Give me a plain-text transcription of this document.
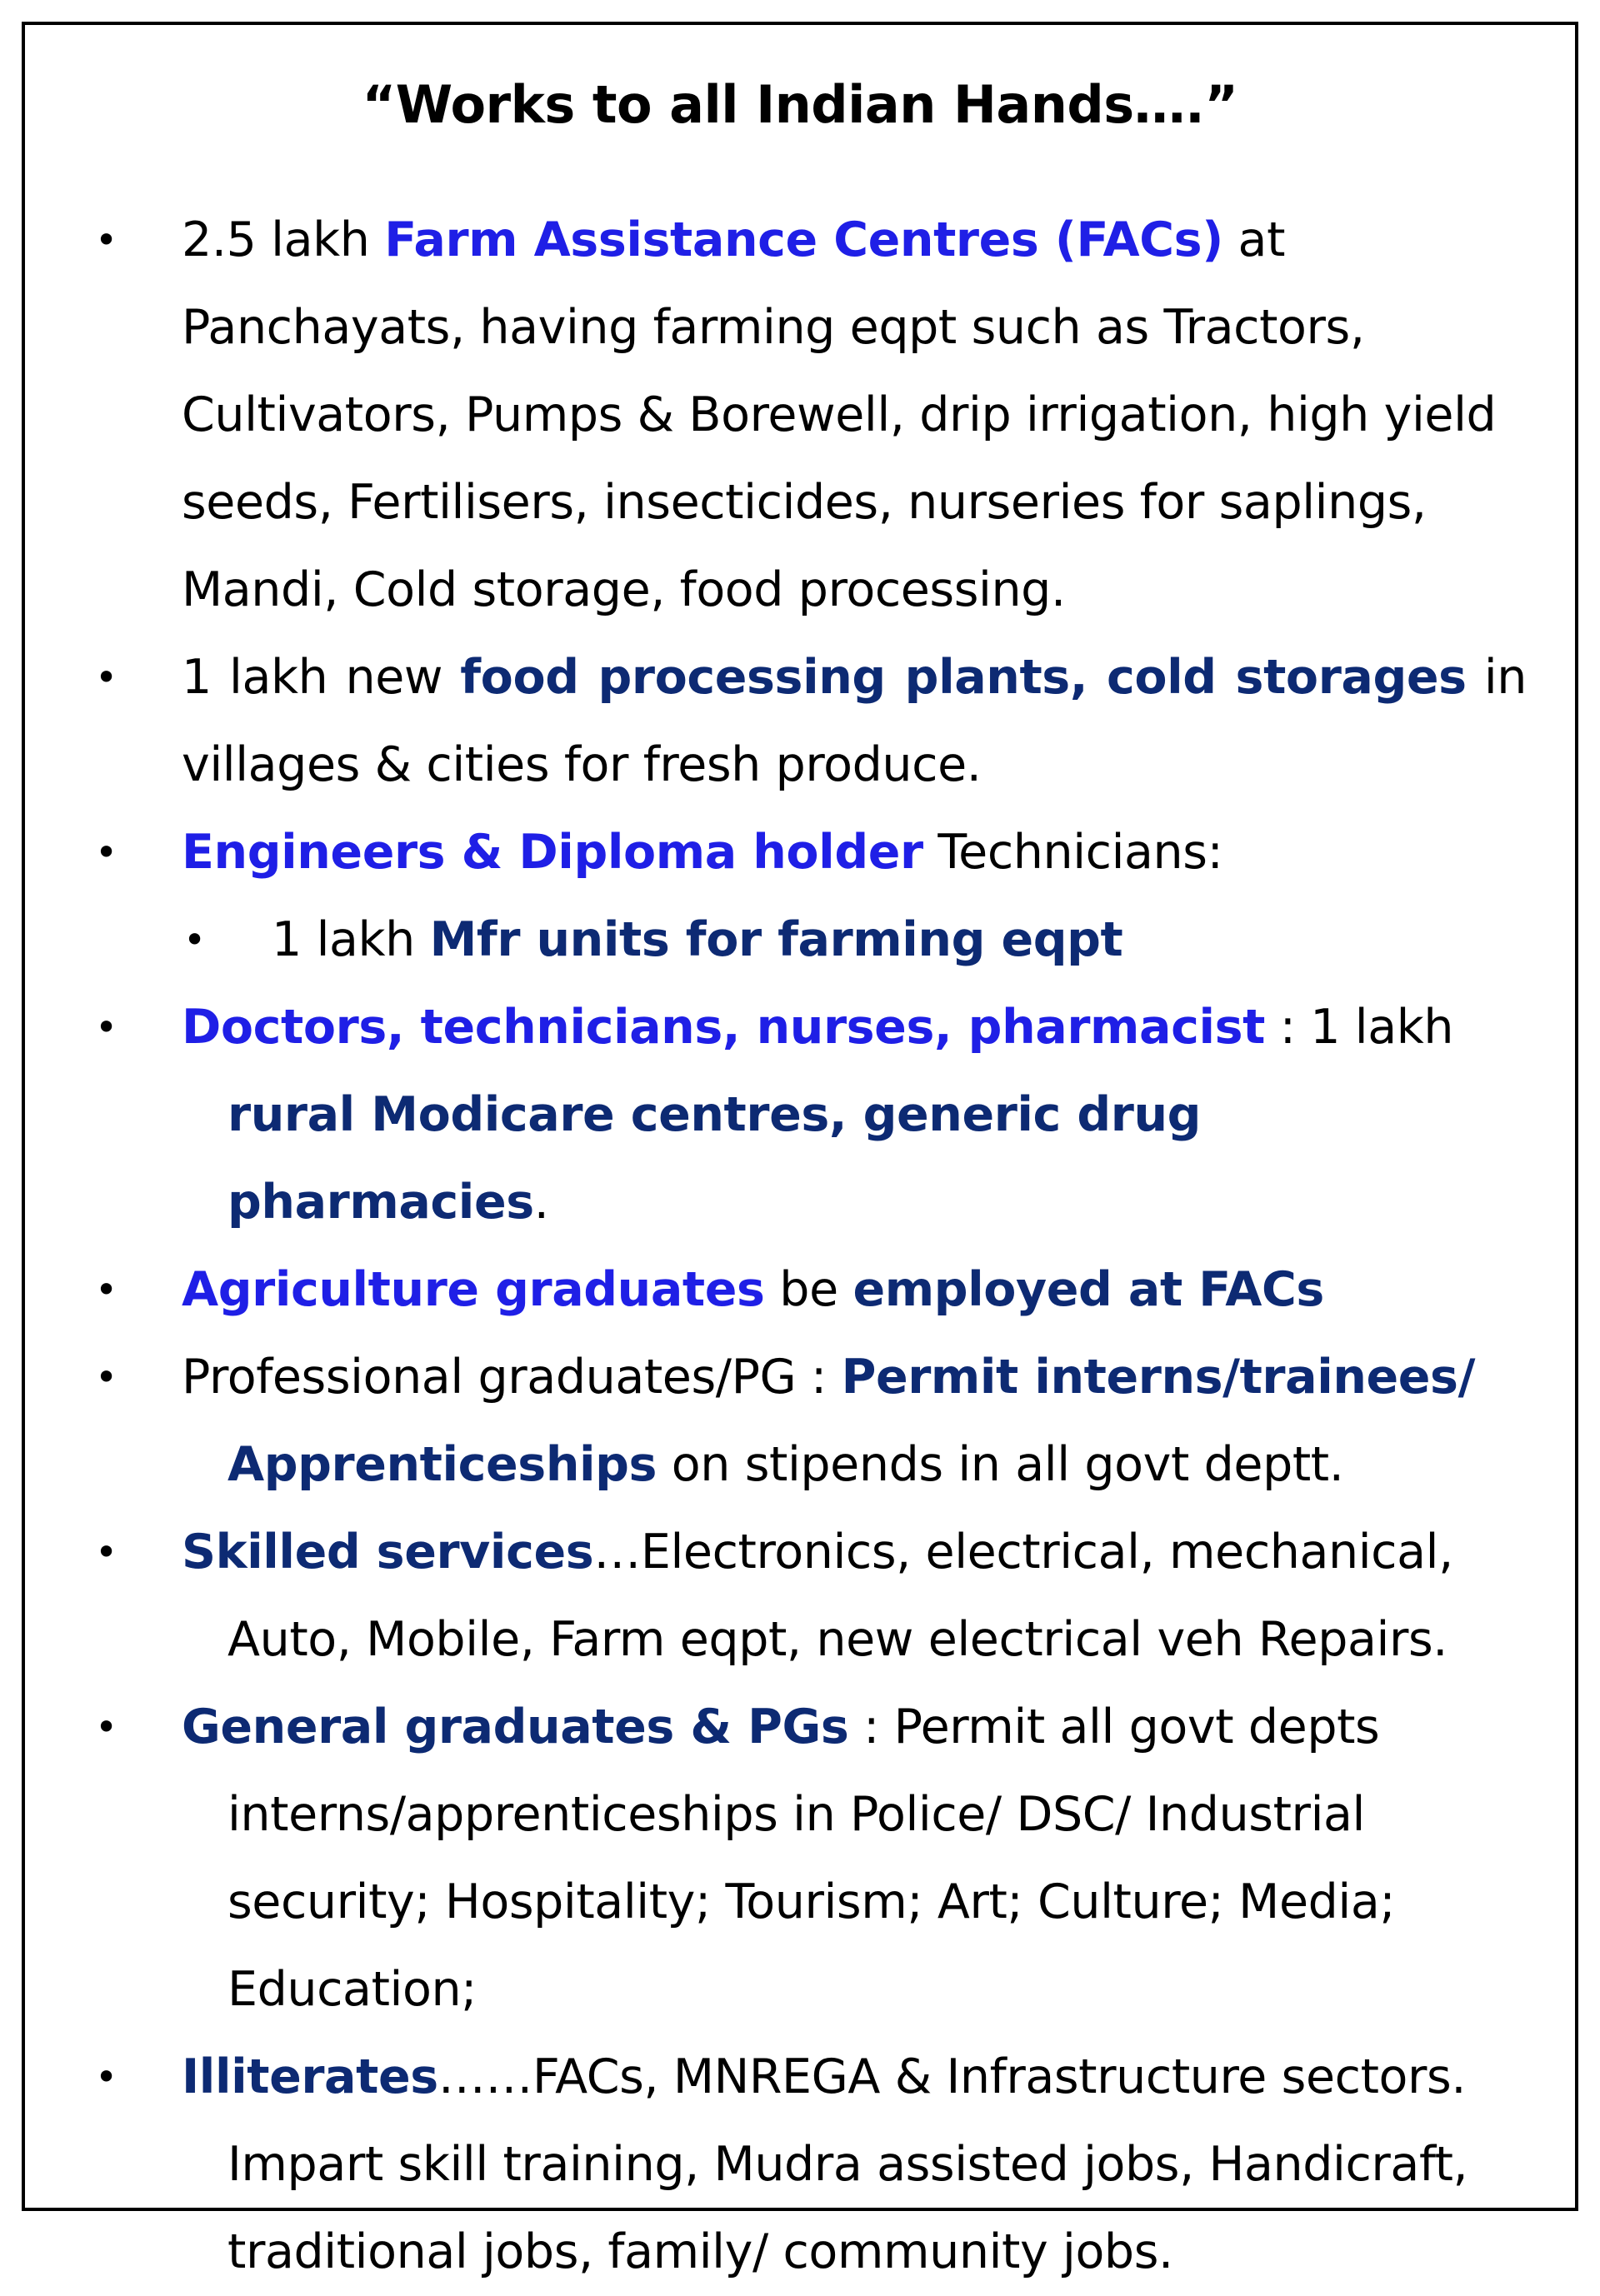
“Works to all Indian Hands….”
• 2.5 lakh Farm Assistance Centres (FACs) at Panchayats, having farming eqpt such as Tractors, Cultivators, Pumps & Borewell, drip irrigation, high yield seeds, Fertilisers, insecticides, nurseries for saplings, Mandi, Cold storage, food processing.
• 1 lakh new food processing plants, cold storages in villages & cities for fresh produce.
• Engineers & Diploma holder Technicians:
• 1 lakh Mfr units for farming eqpt
• Doctors, technicians, nurses, pharmacist : 1 lakh rural Modicare centres, generic drug pharmacies.
• Agriculture graduates be employed at FACs
• Professional graduates/PG : Permit interns/trainees/ Apprenticeships on stipends in all govt deptt.
• Skilled services…Electronics, electrical, mechanical, Auto, Mobile, Farm eqpt, new electrical veh Repairs.
• General graduates & PGs : Permit all govt depts interns/apprenticeships in Police/ DSC/ Industrial security; Hospitality; Tourism; Art; Culture; Media; Education;
• Illiterates……FACs, MNREGA & Infrastructure sectors. Impart skill training, Mudra assisted jobs, Handicraft, traditional jobs, family/ community jobs.
